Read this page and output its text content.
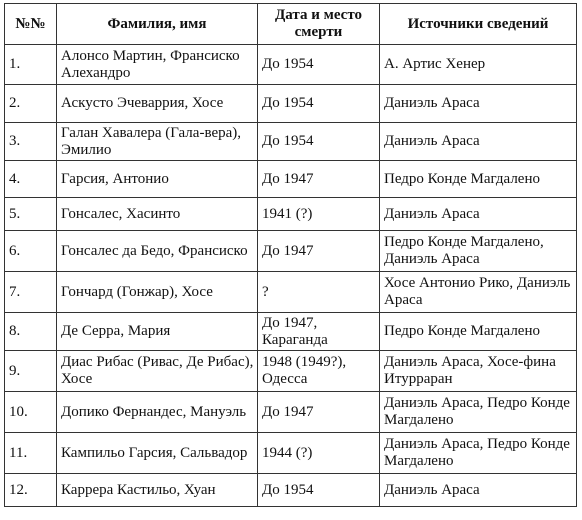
№№	Фамилия, имя	Дата и место смерти	Источники сведений
1.	Алонсо Мартин, Франсиско Алехандро	До 1954	А. Артис Хенер
2.	Аскусто Эчеваррия, Хосе	До 1954	Даниэль Араса
3.	Галан Хавалера (Гала-вера), Эмилио	До 1954	Даниэль Араса
4.	Гарсия, Антонио	До 1947	Педро Конде Магдалено
5.	Гонсалес, Хасинто	1941 (?)	Даниэль Араса
6.	Гонсалес да Бедо, Франсиско	До 1947	Педро Конде Магдалено, Даниэль Араса
7.	Гончард (Гонжар), Хосе	?	Хосе Антонио Рико, Даниэль Араса
8.	Де Серра, Мария	До 1947, Караганда	Педро Конде Магдалено
9.	Диас Рибас (Ривас, Де Рибас), Хосе	1948 (1949?), Одесса	Даниэль Араса, Хосе-фина Итурраран
10.	Допико Фернандес, Мануэль	До 1947	Даниэль Араса, Педро Конде Магдалено
11.	Кампильо Гарсия, Сальвадор	1944 (?)	Даниэль Араса, Педро Конде Магдалено
12.	Каррера Кастильо, Хуан	До 1954	Даниэль Араса
